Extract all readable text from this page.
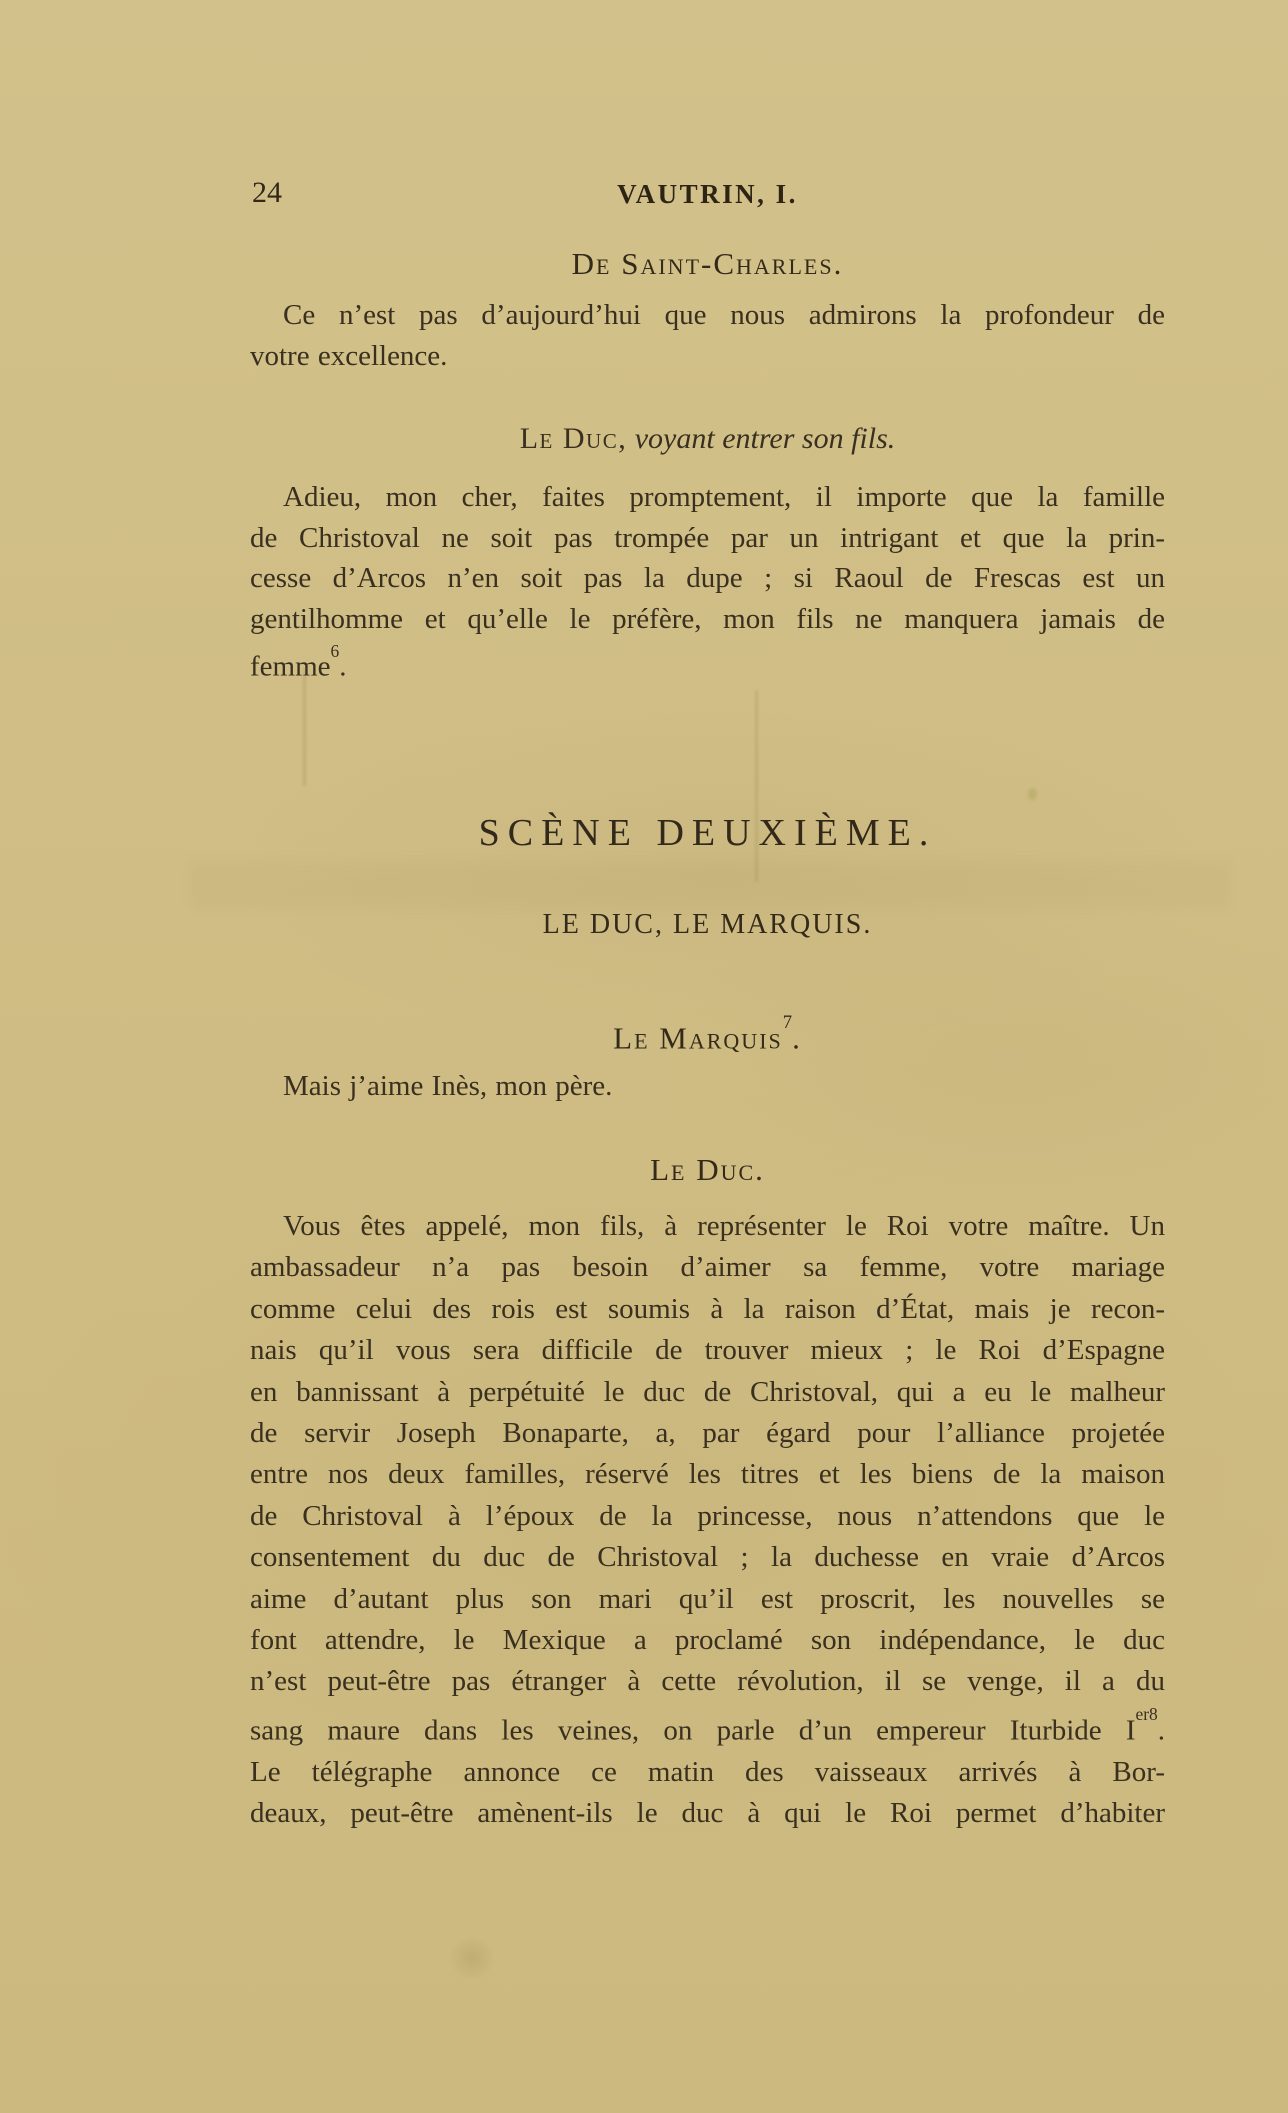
24	VAUTRIN, I.
De Saint-Charles.
Ce n’est pas d’aujourd’hui que nous admirons la profondeur de
votre excellence.
Le Duc, voyant entrer son fils.
Adieu, mon cher, faites promptement, il importe que la famille
de Christoval ne soit pas trompée par un intrigant et que la prin-
cesse d’Arcos n’en soit pas la dupe ; si Raoul de Frescas est un
gentilhomme et qu’elle le préfère, mon fils ne manquera jamais de
femme$^6$.
SCÈNE DEUXIÈME.
LE DUC, LE MARQUIS.
Le Marquis$^7$.
Mais j’aime Inès, mon père.
Le Duc.
Vous êtes appelé, mon fils, à représenter le Roi votre maître. Un
ambassadeur n’a pas besoin d’aimer sa femme, votre mariage
comme celui des rois est soumis à la raison d’État, mais je recon-
nais qu’il vous sera difficile de trouver mieux ; le Roi d’Espagne
en bannissant à perpétuité le duc de Christoval, qui a eu le malheur
de servir Joseph Bonaparte, a, par égard pour l’alliance projetée
entre nos deux familles, réservé les titres et les biens de la maison
de Christoval à l’époux de la princesse, nous n’attendons que le
consentement du duc de Christoval ; la duchesse en vraie d’Arcos
aime d’autant plus son mari qu’il est proscrit, les nouvelles se
font attendre, le Mexique a proclamé son indépendance, le duc
n’est peut-être pas étranger à cette révolution, il se venge, il a du
sang maure dans les veines, on parle d’un empereur Iturbide I$^{er8}$.
Le télégraphe annonce ce matin des vaisseaux arrivés à Bor-
deaux, peut-être amènent-ils le duc à qui le Roi permet d’habiter
